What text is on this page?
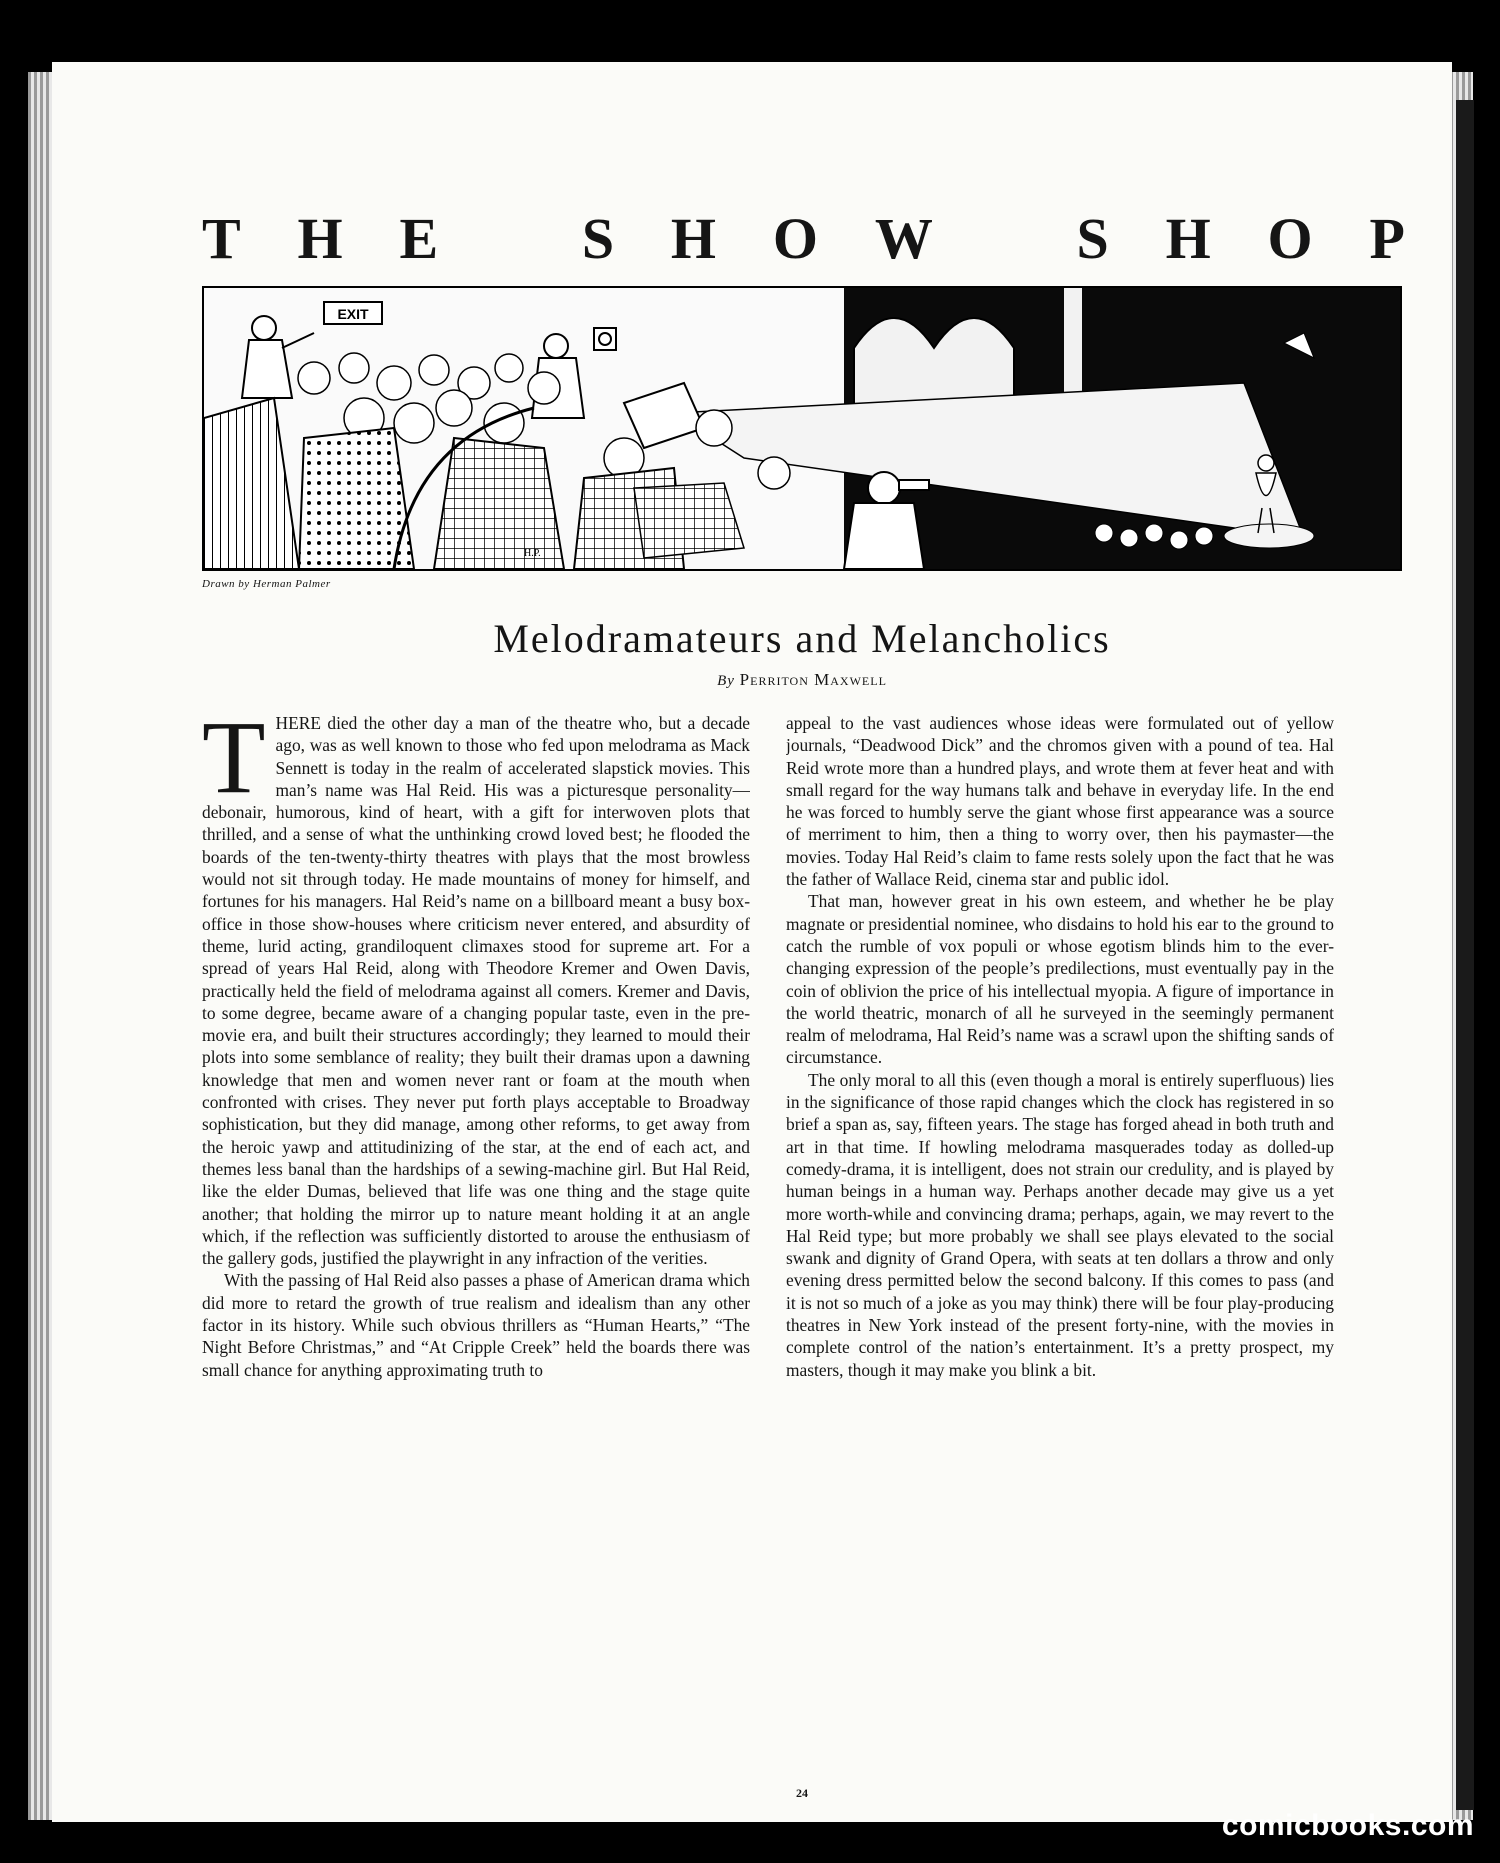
T H E S H O W S H O P
EXIT
H.P.
Drawn by Herman Palmer
Melodramateurs and Melancholics
By Perriton Maxwell

THERE died the other day a man of the theatre who, but a decade ago, was as well known to those who fed upon melodrama as Mack Sennett is today in the realm of accelerated slapstick movies. This man’s name was Hal Reid. His was a picturesque personality—debonair, humorous, kind of heart, with a gift for interwoven plots that thrilled, and a sense of what the unthinking crowd loved best; he flooded the boards of the ten-twenty-thirty theatres with plays that the most browless would not sit through today. He made mountains of money for himself, and fortunes for his managers. Hal Reid’s name on a billboard meant a busy box-office in those show-houses where criticism never entered, and absurdity of theme, lurid acting, grandiloquent climaxes stood for supreme art. For a spread of years Hal Reid, along with Theodore Kremer and Owen Davis, practically held the field of melodrama against all comers. Kremer and Davis, to some degree, became aware of a changing popular taste, even in the pre-movie era, and built their structures accordingly; they learned to mould their plots into some semblance of reality; they built their dramas upon a dawning knowledge that men and women never rant or foam at the mouth when confronted with crises. They never put forth plays acceptable to Broadway sophistication, but they did manage, among other reforms, to get away from the heroic yawp and attitudinizing of the star, at the end of each act, and themes less banal than the hardships of a sewing-machine girl. But Hal Reid, like the elder Dumas, believed that life was one thing and the stage quite another; that holding the mirror up to nature meant holding it at an angle which, if the reflection was sufficiently distorted to arouse the enthusiasm of the gallery gods, justified the playwright in any infraction of the verities.

With the passing of Hal Reid also passes a phase of American drama which did more to retard the growth of true realism and idealism than any other factor in its history. While such obvious thrillers as “Human Hearts,” “The Night Before Christmas,” and “At Cripple Creek” held the boards there was small chance for anything approximating truth to

appeal to the vast audiences whose ideas were formulated out of yellow journals, “Deadwood Dick” and the chromos given with a pound of tea. Hal Reid wrote more than a hundred plays, and wrote them at fever heat and with small regard for the way humans talk and behave in everyday life. In the end he was forced to humbly serve the giant whose first appearance was a source of merriment to him, then a thing to worry over, then his paymaster—the movies. Today Hal Reid’s claim to fame rests solely upon the fact that he was the father of Wallace Reid, cinema star and public idol.

That man, however great in his own esteem, and whether he be play magnate or presidential nominee, who disdains to hold his ear to the ground to catch the rumble of vox populi or whose egotism blinds him to the ever-changing expression of the people’s predilections, must eventually pay in the coin of oblivion the price of his intellectual myopia. A figure of importance in the world theatric, monarch of all he surveyed in the seemingly permanent realm of melodrama, Hal Reid’s name was a scrawl upon the shifting sands of circumstance.

The only moral to all this (even though a moral is entirely superfluous) lies in the significance of those rapid changes which the clock has registered in so brief a span as, say, fifteen years. The stage has forged ahead in both truth and art in that time. If howling melodrama masquerades today as dolled-up comedy-drama, it is intelligent, does not strain our credulity, and is played by human beings in a human way. Perhaps another decade may give us a yet more worth-while and convincing drama; perhaps, again, we may revert to the Hal Reid type; but more probably we shall see plays elevated to the social swank and dignity of Grand Opera, with seats at ten dollars a throw and only evening dress permitted below the second balcony. If this comes to pass (and it is not so much of a joke as you may think) there will be four play-producing theatres in New York instead of the present forty-nine, with the movies in complete control of the nation’s entertainment. It’s a pretty prospect, my masters, though it may make you blink a bit.

24
comicbooks.com
